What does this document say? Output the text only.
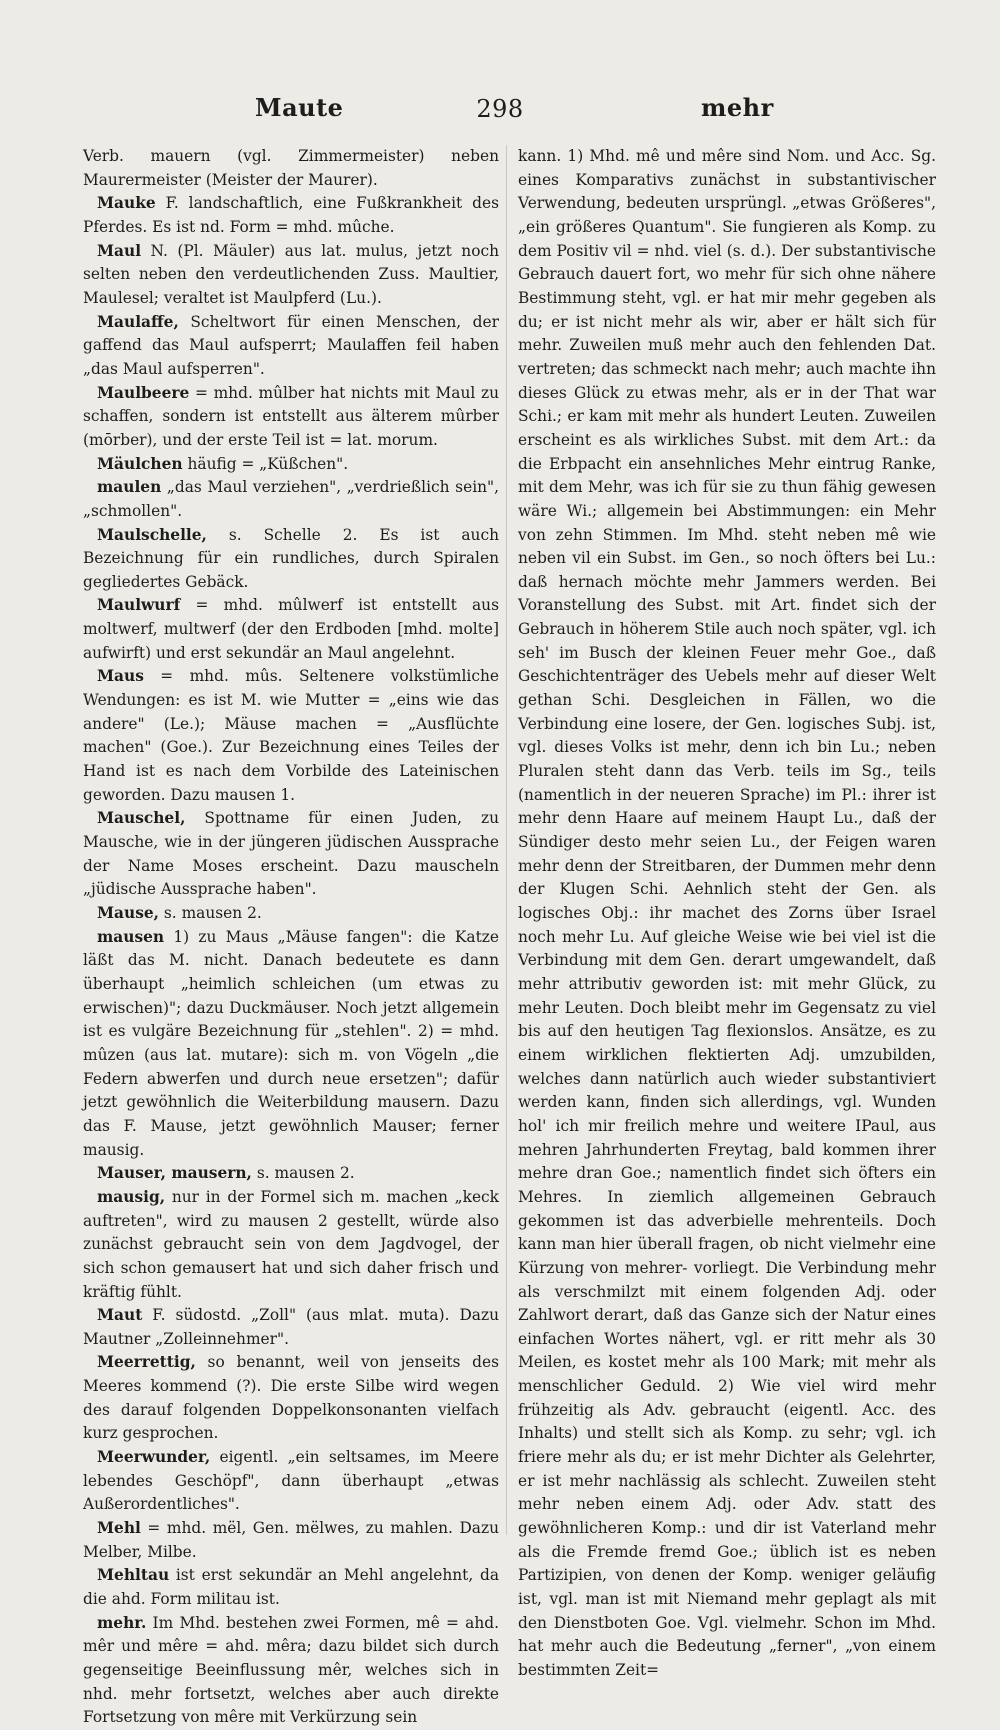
Maute	298	mehr

Verb. mauern (vgl. Zimmermeister) neben Maurermeister (Meister der Maurer).

Mauke F. landschaftlich, eine Fußkrankheit des Pferdes. Es ist nd. Form = mhd. mûche.

Maul N. (Pl. Mäuler) aus lat. mulus, jetzt noch selten neben den verdeutlichenden Zuss. Maultier, Maulesel; veraltet ist Maulpferd (Lu.).

Maulaffe, Scheltwort für einen Menschen, der gaffend das Maul aufsperrt; Maulaffen feil haben „das Maul aufsperren".

Maulbeere = mhd. mûlber hat nichts mit Maul zu schaffen, sondern ist entstellt aus älterem mûrber (mōrber), und der erste Teil ist = lat. morum.

Mäulchen häufig = „Küßchen".

maulen „das Maul verziehen", „verdrießlich sein", „schmollen".

Maulschelle, s. Schelle 2. Es ist auch Bezeichnung für ein rundliches, durch Spiralen gegliedertes Gebäck.

Maulwurf = mhd. mûlwerf ist entstellt aus moltwerf, multwerf (der den Erdboden [mhd. molte] aufwirft) und erst sekundär an Maul angelehnt.

Maus = mhd. mûs. Seltenere volkstümliche Wendungen: es ist M. wie Mutter = „eins wie das andere" (Le.); Mäuse machen = „Ausflüchte machen" (Goe.). Zur Bezeichnung eines Teiles der Hand ist es nach dem Vorbilde des Lateinischen geworden. Dazu mausen 1.

Mauschel, Spottname für einen Juden, zu Mausche, wie in der jüngeren jüdischen Aussprache der Name Moses erscheint. Dazu mauscheln „jüdische Aussprache haben".

Mause, s. mausen 2.

mausen 1) zu Maus „Mäuse fangen": die Katze läßt das M. nicht. Danach bedeutete es dann überhaupt „heimlich schleichen (um etwas zu erwischen)"; dazu Duckmäuser. Noch jetzt allgemein ist es vulgäre Bezeichnung für „stehlen". 2) = mhd. mûzen (aus lat. mutare): sich m. von Vögeln „die Federn abwerfen und durch neue ersetzen"; dafür jetzt gewöhnlich die Weiterbildung mausern. Dazu das F. Mause, jetzt gewöhnlich Mauser; ferner mausig.

Mauser, mausern, s. mausen 2.

mausig, nur in der Formel sich m. machen „keck auftreten", wird zu mausen 2 gestellt, würde also zunächst gebraucht sein von dem Jagdvogel, der sich schon gemausert hat und sich daher frisch und kräftig fühlt.

Maut F. südostd. „Zoll" (aus mlat. muta). Dazu Mautner „Zolleinnehmer".

Meerrettig, so benannt, weil von jenseits des Meeres kommend (?). Die erste Silbe wird wegen des darauf folgenden Doppelkonsonanten vielfach kurz gesprochen.

Meerwunder, eigentl. „ein seltsames, im Meere lebendes Geschöpf", dann überhaupt „etwas Außerordentliches".

Mehl = mhd. mël, Gen. mëlwes, zu mahlen. Dazu Melber, Milbe.

Mehltau ist erst sekundär an Mehl angelehnt, da die ahd. Form militau ist.

mehr. Im Mhd. bestehen zwei Formen, mê = ahd. mêr und mêre = ahd. mêra; dazu bildet sich durch gegenseitige Beeinflussung mêr, welches sich in nhd. mehr fortsetzt, welches aber auch direkte Fortsetzung von mêre mit Verkürzung sein

kann. 1) Mhd. mê und mêre sind Nom. und Acc. Sg. eines Komparativs zunächst in substantivischer Verwendung, bedeuten ursprüngl. „etwas Größeres", „ein größeres Quantum". Sie fungieren als Komp. zu dem Positiv vil = nhd. viel (s. d.). Der substantivische Gebrauch dauert fort, wo mehr für sich ohne nähere Bestimmung steht, vgl. er hat mir mehr gegeben als du; er ist nicht mehr als wir, aber er hält sich für mehr. Zuweilen muß mehr auch den fehlenden Dat. vertreten; das schmeckt nach mehr; auch machte ihn dieses Glück zu etwas mehr, als er in der That war Schi.; er kam mit mehr als hundert Leuten. Zuweilen erscheint es als wirkliches Subst. mit dem Art.: da die Erbpacht ein ansehnliches Mehr eintrug Ranke, mit dem Mehr, was ich für sie zu thun fähig gewesen wäre Wi.; allgemein bei Abstimmungen: ein Mehr von zehn Stimmen. Im Mhd. steht neben mê wie neben vil ein Subst. im Gen., so noch öfters bei Lu.: daß hernach möchte mehr Jammers werden. Bei Voranstellung des Subst. mit Art. findet sich der Gebrauch in höherem Stile auch noch später, vgl. ich seh' im Busch der kleinen Feuer mehr Goe., daß Geschichtenträger des Uebels mehr auf dieser Welt gethan Schi. Desgleichen in Fällen, wo die Verbindung eine losere, der Gen. logisches Subj. ist, vgl. dieses Volks ist mehr, denn ich bin Lu.; neben Pluralen steht dann das Verb. teils im Sg., teils (namentlich in der neueren Sprache) im Pl.: ihrer ist mehr denn Haare auf meinem Haupt Lu., daß der Sündiger desto mehr seien Lu., der Feigen waren mehr denn der Streitbaren, der Dummen mehr denn der Klugen Schi. Aehnlich steht der Gen. als logisches Obj.: ihr machet des Zorns über Israel noch mehr Lu. Auf gleiche Weise wie bei viel ist die Verbindung mit dem Gen. derart umgewandelt, daß mehr attributiv geworden ist: mit mehr Glück, zu mehr Leuten. Doch bleibt mehr im Gegensatz zu viel bis auf den heutigen Tag flexionslos. Ansätze, es zu einem wirklichen flektierten Adj. umzubilden, welches dann natürlich auch wieder substantiviert werden kann, finden sich allerdings, vgl. Wunden hol' ich mir freilich mehre und weitere IPaul, aus mehren Jahrhunderten Freytag, bald kommen ihrer mehre dran Goe.; namentlich findet sich öfters ein Mehres. In ziemlich allgemeinen Gebrauch gekommen ist das adverbielle mehrenteils. Doch kann man hier überall fragen, ob nicht vielmehr eine Kürzung von mehrer- vorliegt. Die Verbindung mehr als verschmilzt mit einem folgenden Adj. oder Zahlwort derart, daß das Ganze sich der Natur eines einfachen Wortes nähert, vgl. er ritt mehr als 30 Meilen, es kostet mehr als 100 Mark; mit mehr als menschlicher Geduld. 2) Wie viel wird mehr frühzeitig als Adv. gebraucht (eigentl. Acc. des Inhalts) und stellt sich als Komp. zu sehr; vgl. ich friere mehr als du; er ist mehr Dichter als Gelehrter, er ist mehr nachlässig als schlecht. Zuweilen steht mehr neben einem Adj. oder Adv. statt des gewöhnlicheren Komp.: und dir ist Vaterland mehr als die Fremde fremd Goe.; üblich ist es neben Partizipien, von denen der Komp. weniger geläufig ist, vgl. man ist mit Niemand mehr geplagt als mit den Dienstboten Goe. Vgl. vielmehr. Schon im Mhd. hat mehr auch die Bedeutung „ferner", „von einem bestimmten Zeit=
